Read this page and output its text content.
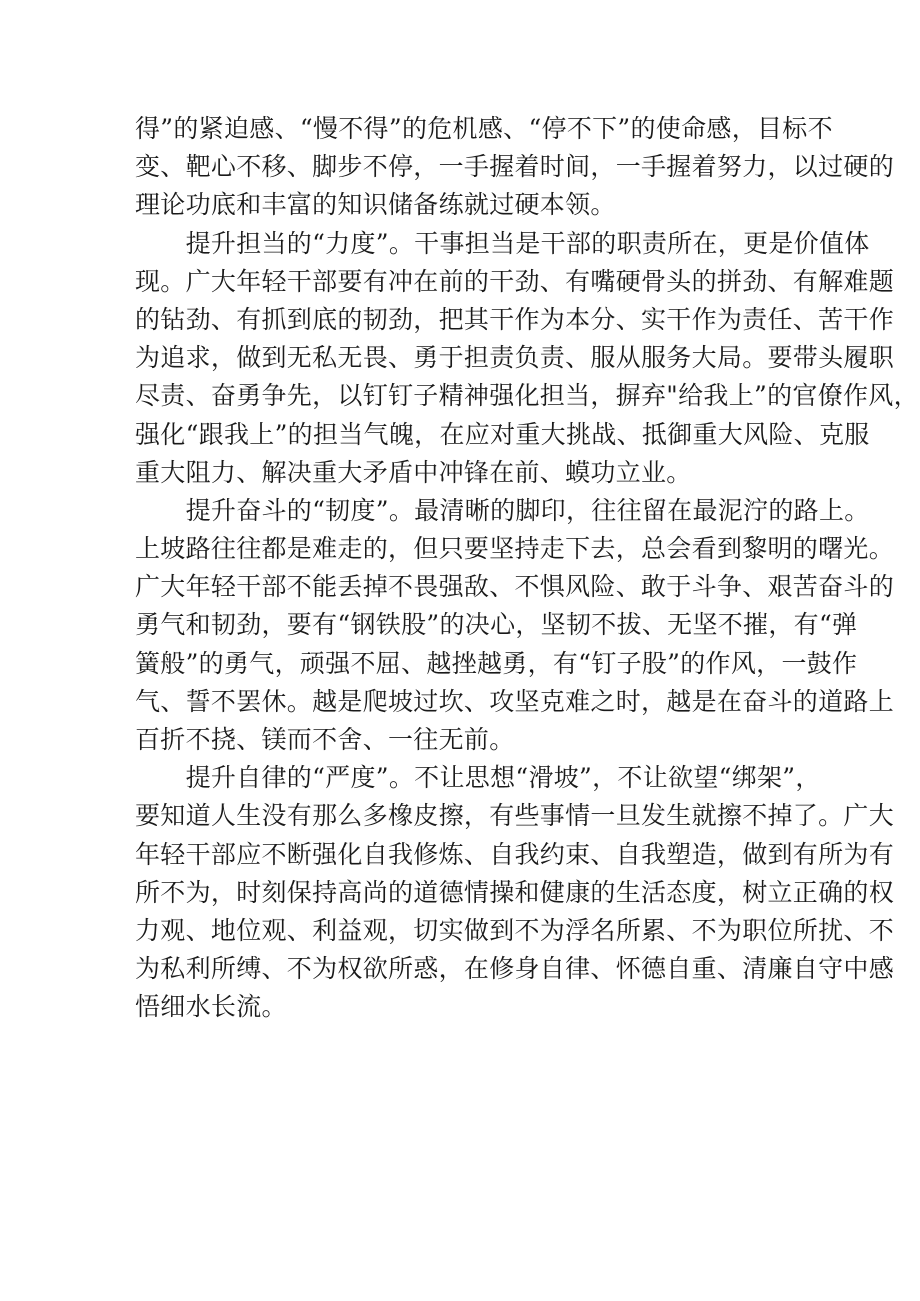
得”的紧迫感、“慢不得”的危机感、“停不下”的使命感，目标不
变、靶心不移、脚步不停，一手握着时间，一手握着努力，以过硬的
理论功底和丰富的知识储备练就过硬本领。
　　提升担当的“力度”。干事担当是干部的职责所在，更是价值体
现。广大年轻干部要有冲在前的干劲、有嘴硬骨头的拼劲、有解难题
的钻劲、有抓到底的韧劲，把其干作为本分、实干作为责任、苦干作
为追求，做到无私无畏、勇于担责负责、服从服务大局。要带头履职
尽责、奋勇争先，以钉钉子精神强化担当，摒弃"给我上”的官僚作风，
强化“跟我上”的担当气魄，在应对重大挑战、抵御重大风险、克服
重大阻力、解决重大矛盾中冲锋在前、蟆功立业。
　　提升奋斗的“韧度”。最清晰的脚印，往往留在最泥泞的路上。
上坡路往往都是难走的，但只要坚持走下去，总会看到黎明的曙光。
广大年轻干部不能丢掉不畏强敌、不惧风险、敢于斗争、艰苦奋斗的
勇气和韧劲，要有“钢铁股”的决心，坚韧不拔、无坚不摧，有“弹
簧般”的勇气，顽强不屈、越挫越勇，有“钉子股”的作风，一鼓作
气、誓不罢休。越是爬坡过坎、攻坚克难之时，越是在奋斗的道路上
百折不挠、镁而不舍、一往无前。
　　提升自律的“严度”。不让思想“滑坡”，不让欲望“绑架”，
要知道人生没有那么多橡皮擦，有些事情一旦发生就擦不掉了。广大
年轻干部应不断强化自我修炼、自我约束、自我塑造，做到有所为有
所不为，时刻保持高尚的道德情操和健康的生活态度，树立正确的权
力观、地位观、利益观，切实做到不为浮名所累、不为职位所扰、不
为私利所缚、不为权欲所惑，在修身自律、怀德自重、清廉自守中感
悟细水长流。
